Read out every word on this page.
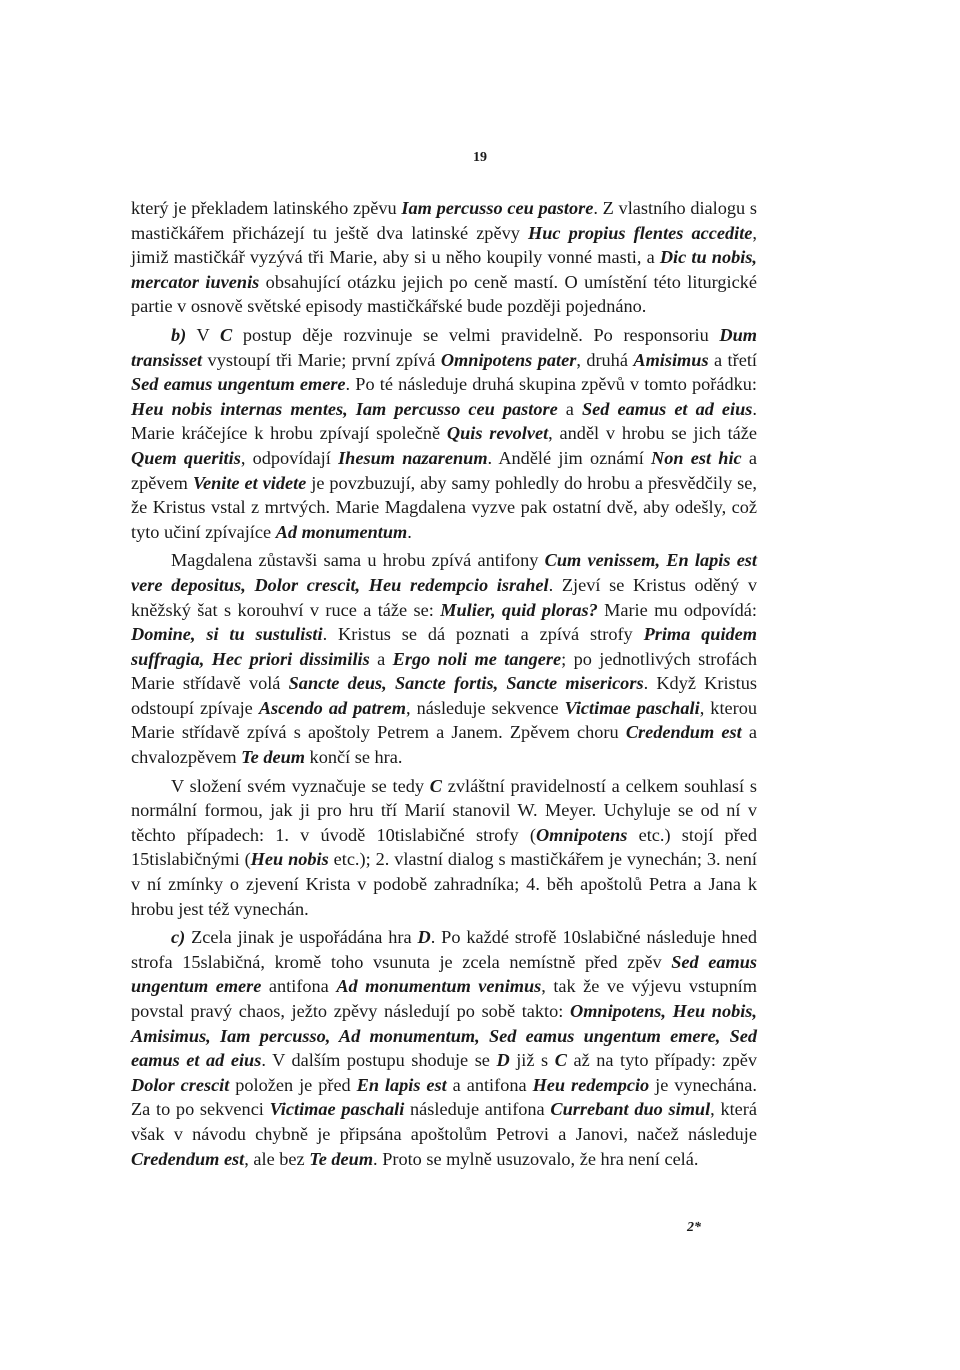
19

který je překladem latinského zpěvu Iam percusso ceu pastore. Z vlastního dialogu s mastičkářem přicházejí tu ještě dva latinské zpěvy Huc propius flentes accedite, jimiž mastičkář vyzývá tři Marie, aby si u něho koupily vonné masti, a Dic tu nobis, mercator iuvenis obsahující otázku jejich po ceně mastí. O umístění této liturgické partie v osnově světské episody mastičkářské bude později pojednáno.

b) V C postup děje rozvinuje se velmi pravidelně. Po responsoriu Dum transisset vystoupí tři Marie; první zpívá Omnipotens pater, druhá Amisimus a třetí Sed eamus ungentum emere. Po té následuje druhá skupina zpěvů v tomto pořádku: Heu nobis internas mentes, Iam percusso ceu pastore a Sed eamus et ad eius. Marie kráčejíce k hrobu zpívají společně Quis revolvet, anděl v hrobu se jich táže Quem queritis, odpovídají Ihesum nazarenum. Andělé jim oznámí Non est hic a zpěvem Venite et videte je povzbuzují, aby samy pohledly do hrobu a přesvědčily se, že Kristus vstal z mrtvých. Marie Magdalena vyzve pak ostatní dvě, aby odešly, což tyto učiní zpívajíce Ad monumentum.

Magdalena zůstavši sama u hrobu zpívá antifony Cum venissem, En lapis est vere depositus, Dolor crescit, Heu redempcio israhel. Zjeví se Kristus oděný v kněžský šat s korouhví v ruce a táže se: Mulier, quid ploras? Marie mu odpovídá: Domine, si tu sustulisti. Kristus se dá poznati a zpívá strofy Prima quidem suffragia, Hec priori dissimilis a Ergo noli me tangere; po jednotlivých strofách Marie střídavě volá Sancte deus, Sancte fortis, Sancte misericors. Když Kristus odstoupí zpívaje Ascendo ad patrem, následuje sekvence Victimae paschali, kterou Marie střídavě zpívá s apoštoly Petrem a Janem. Zpěvem choru Credendum est a chvalozpěvem Te deum končí se hra.

V složení svém vyznačuje se tedy C zvláštní pravidelností a celkem souhlasí s normální formou, jak ji pro hru tří Marií stanovil W. Meyer. Uchyluje se od ní v těchto případech: 1. v úvodě 10tislabičné strofy (Omnipotens etc.) stojí před 15tislabičnými (Heu nobis etc.); 2. vlastní dialog s mastičkářem je vynechán; 3. není v ní zmínky o zjevení Krista v podobě zahradníka; 4. běh apoštolů Petra a Jana k hrobu jest též vynechán.

c) Zcela jinak je uspořádána hra D. Po každé strofě 10slabičné následuje hned strofa 15slabičná, kromě toho vsunuta je zcela nemístně před zpěv Sed eamus ungentum emere antifona Ad monumentum venimus, tak že ve výjevu vstupním povstal pravý chaos, ježto zpěvy následují po sobě takto: Omnipotens, Heu nobis, Amisimus, Iam percusso, Ad monumentum, Sed eamus ungentum emere, Sed eamus et ad eius. V dalším postupu shoduje se D již s C až na tyto případy: zpěv Dolor crescit položen je před En lapis est a antifona Heu redempcio je vynechána. Za to po sekvenci Victimae paschali následuje antifona Currebant duo simul, která však v návodu chybně je připsána apoštolům Petrovi a Janovi, načež následuje Credendum est, ale bez Te deum. Proto se mylně usuzovalo, že hra není celá.

2*
